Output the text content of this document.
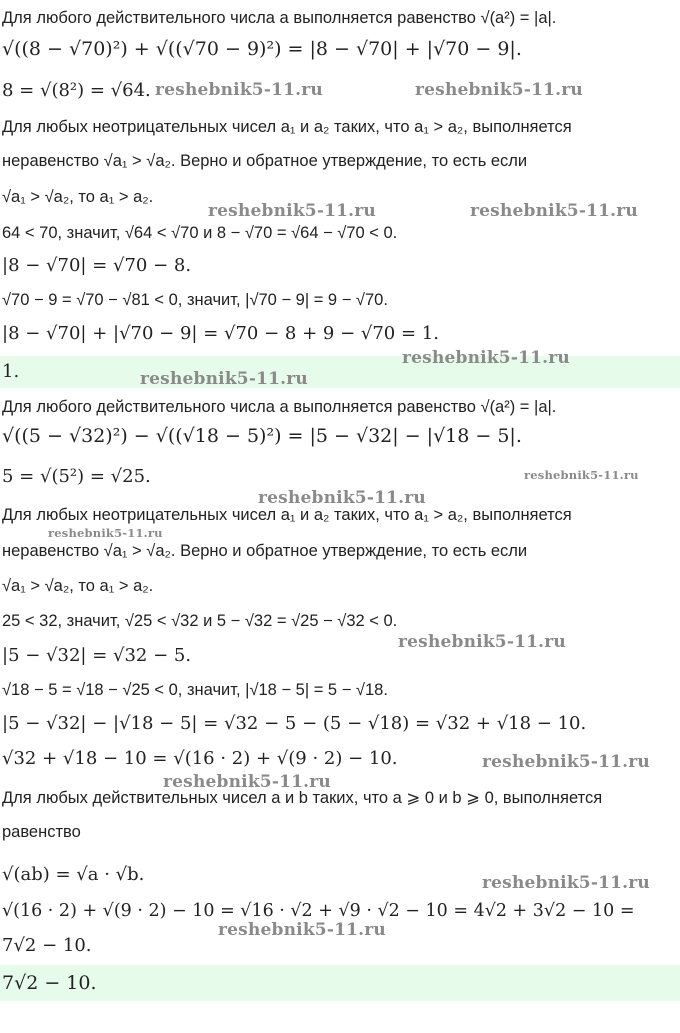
Для любого действительного числа a выполняется равенство √(a²) = |a|.
√((8 − √70)²) + √((√70 − 9)²) = |8 − √70| + |√70 − 9|.
8 = √(8²) = √64.
Для любых неотрицательных чисел a₁ и a₂ таких, что a₁ > a₂, выполняется
неравенство √a₁ > √a₂. Верно и обратное утверждение, то есть если
√a₁ > √a₂, то a₁ > a₂.
64 < 70, значит, √64 < √70 и 8 − √70 = √64 − √70 < 0.
|8 − √70| = √70 − 8.
√70 − 9 = √70 − √81 < 0, значит, |√70 − 9| = 9 − √70.
|8 − √70| + |√70 − 9| = √70 − 8 + 9 − √70 = 1.
1.
Для любого действительного числа a выполняется равенство √(a²) = |a|.
√((5 − √32)²) − √((√18 − 5)²) = |5 − √32| − |√18 − 5|.
5 = √(5²) = √25.
Для любых неотрицательных чисел a₁ и a₂ таких, что a₁ > a₂, выполняется
неравенство √a₁ > √a₂. Верно и обратное утверждение, то есть если
√a₁ > √a₂, то a₁ > a₂.
25 < 32, значит, √25 < √32 и 5 − √32 = √25 − √32 < 0.
|5 − √32| = √32 − 5.
√18 − 5 = √18 − √25 < 0, значит, |√18 − 5| = 5 − √18.
|5 − √32| − |√18 − 5| = √32 − 5 − (5 − √18) = √32 + √18 − 10.
√32 + √18 − 10 = √(16 · 2) + √(9 · 2) − 10.
Для любых действительных чисел a и b таких, что a ⩾ 0 и b ⩾ 0, выполняется
равенство
√(ab) = √a · √b.
√(16 · 2) + √(9 · 2) − 10 = √16 · √2 + √9 · √2 − 10 = 4√2 + 3√2 − 10 =
7√2 − 10.
7√2 − 10.
reshebnik5-11.ru	reshebnik5-11.ru
reshebnik5-11.ru	reshebnik5-11.ru
reshebnik5-11.ru
reshebnik5-11.ru
reshebnik5-11.ru
reshebnik5-11.ru
reshebnik5-11.ru
reshebnik5-11.ru
reshebnik5-11.ru
reshebnik5-11.ru
reshebnik5-11.ru
reshebnik5-11.ru
